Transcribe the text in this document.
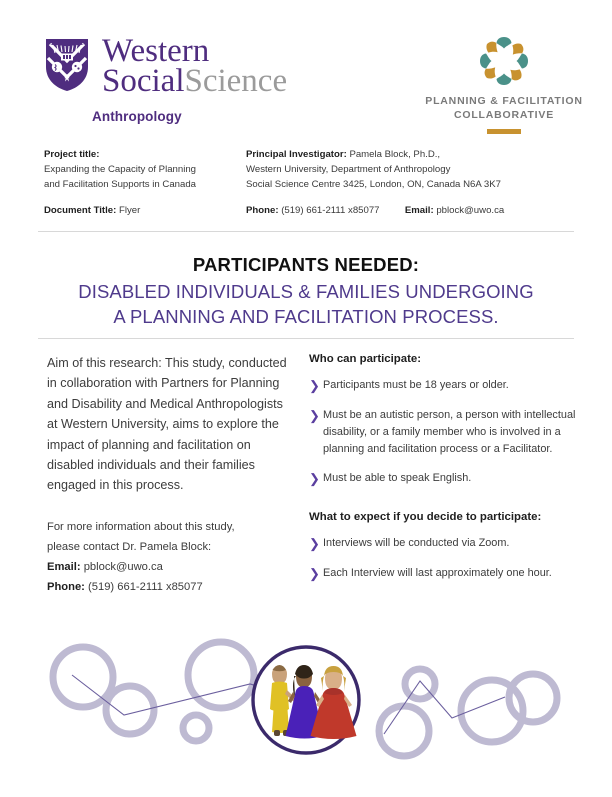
Western
SocialScience
Anthropology
PLANNING & FACILITATION
COLLABORATIVE
Project title:
Expanding the Capacity of Planning
and Facilitation Supports in Canada
Document Title: Flyer
Principal Investigator: Pamela Block, Ph.D.,
Western University, Department of Anthropology
Social Science Centre 3425, London, ON, Canada N6A 3K7
Phone: (519) 661-2111 x85077	Email: pblock@uwo.ca
PARTICIPANTS NEEDED:
DISABLED INDIVIDUALS & FAMILIES UNDERGOING
A PLANNING AND FACILITATION PROCESS.
Aim of this research: This study, conducted in collaboration with Partners for Planning and Disability and Medical Anthropologists at Western University, aims to explore the impact of planning and facilitation on disabled individuals and their families engaged in this process.
For more information about this study,
please contact Dr. Pamela Block:
Email: pblock@uwo.ca
Phone: (519) 661-2111 x85077
Who can participate:
❯ Participants must be 18 years or older.
❯ Must be an autistic person, a person with intellectual disability, or a family member who is involved in a planning and facilitation process or a Facilitator.
❯ Must be able to speak English.
What to expect if you decide to participate:
❯ Interviews will be conducted via Zoom.
❯ Each Interview will last approximately one hour.
